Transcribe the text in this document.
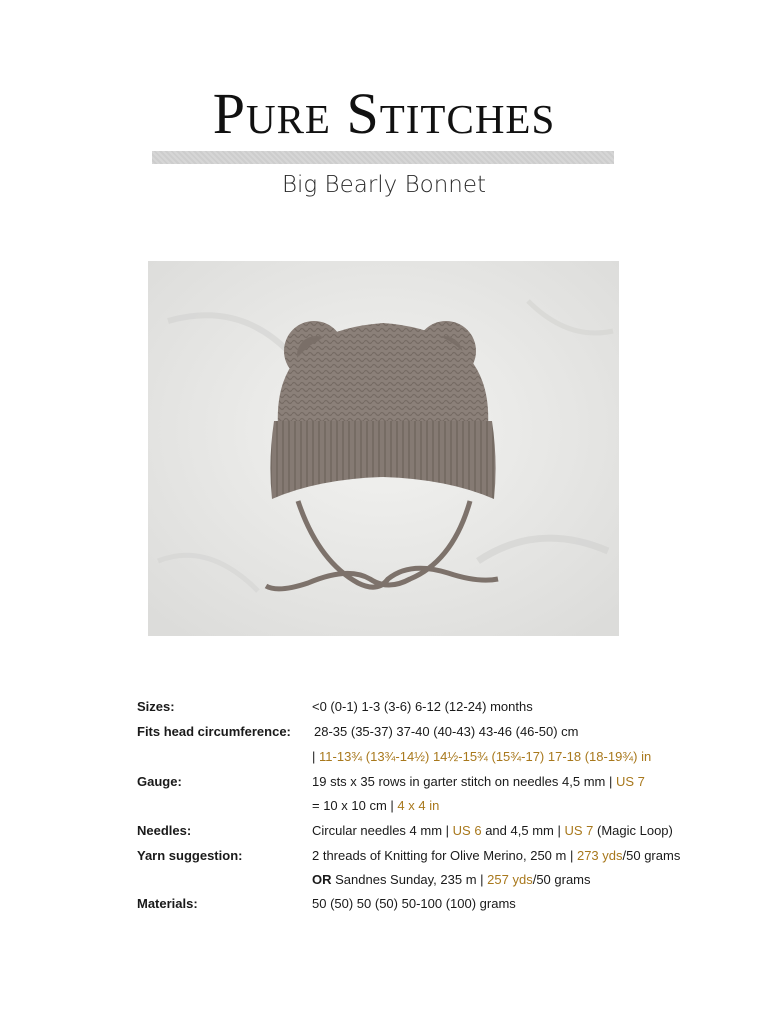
Pure Stitches
Big Bearly Bonnet
Sizes:	<0 (0-1) 1-3 (3-6) 6-12 (12-24) months
Fits head circumference: 28-35 (35-37) 37-40 (40-43) 43-46 (46-50) cm
| 11-13¾ (13¾-14½) 14½-15¾ (15¾-17) 17-18 (18-19¾) in
Gauge:	19 sts x 35 rows in garter stitch on needles 4,5 mm | US 7
= 10 x 10 cm | 4 x 4 in
Needles:	Circular needles 4 mm | US 6 and 4,5 mm | US 7 (Magic Loop)
Yarn suggestion:	2 threads of Knitting for Olive Merino, 250 m | 273 yds/50 grams
OR Sandnes Sunday, 235 m | 257 yds/50 grams
Materials:	50 (50) 50 (50) 50-100 (100) grams
